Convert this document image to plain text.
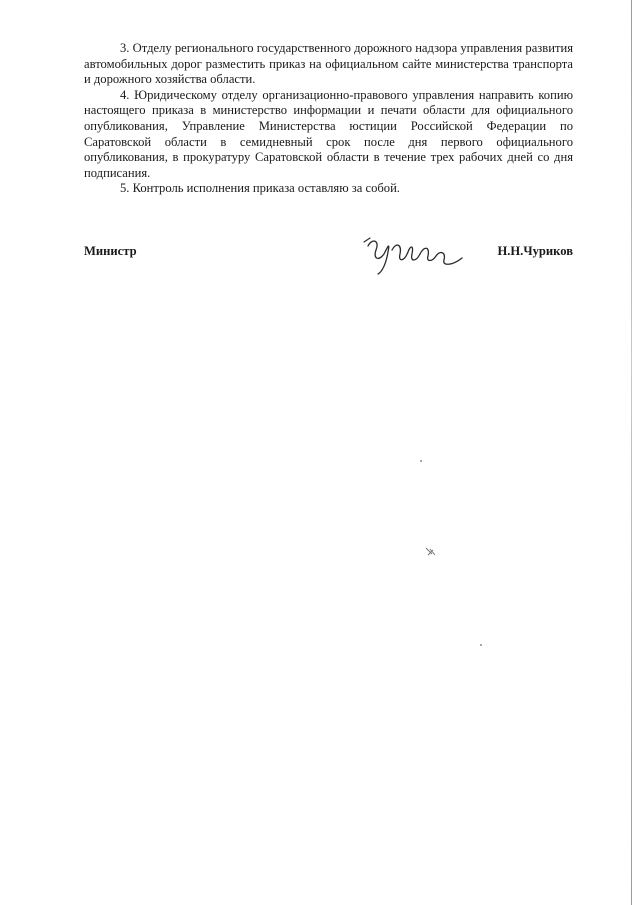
3. Отделу регионального государственного дорожного надзора управления развития автомобильных дорог разместить приказ на официальном сайте министерства транспорта и дорожного хозяйства области.

4. Юридическому отделу организационно-правового управления направить копию настоящего приказа в министерство информации и печати области для официального опубликования, Управление Министерства юстиции Российской Федерации по Саратовской области в семидневный срок после дня первого официального опубликования, в прокуратуру Саратовской области в течение трех рабочих дней со дня подписания.

5. Контроль исполнения приказа оставляю за собой.

Министр	Н.Н.Чуриков
